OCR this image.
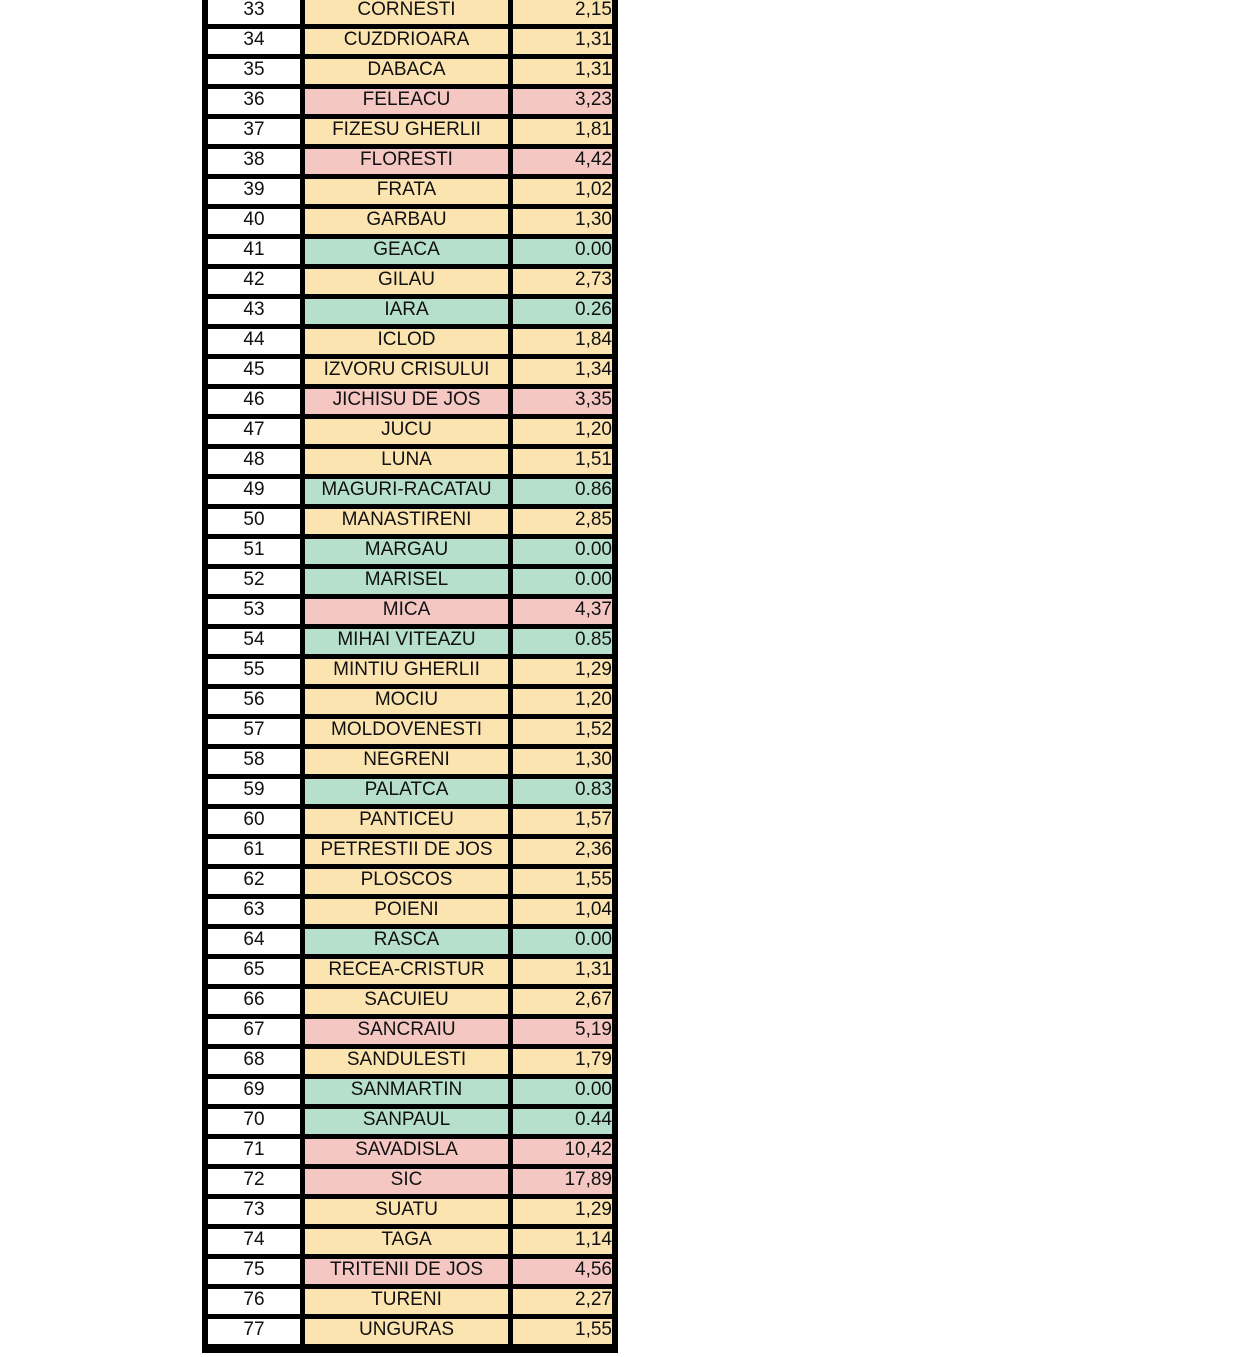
33	CORNESTI	2,15
34	CUZDRIOARA	1,31
35	DABACA	1,31
36	FELEACU	3,23
37	FIZESU GHERLII	1,81
38	FLORESTI	4,42
39	FRATA	1,02
40	GARBAU	1,30
41	GEACA	0.00
42	GILAU	2,73
43	IARA	0.26
44	ICLOD	1,84
45	IZVORU CRISULUI	1,34
46	JICHISU DE JOS	3,35
47	JUCU	1,20
48	LUNA	1,51
49	MAGURI-RACATAU	0.86
50	MANASTIRENI	2,85
51	MARGAU	0.00
52	MARISEL	0.00
53	MICA	4,37
54	MIHAI VITEAZU	0.85
55	MINTIU GHERLII	1,29
56	MOCIU	1,20
57	MOLDOVENESTI	1,52
58	NEGRENI	1,30
59	PALATCA	0.83
60	PANTICEU	1,57
61	PETRESTII DE JOS	2,36
62	PLOSCOS	1,55
63	POIENI	1,04
64	RASCA	0.00
65	RECEA-CRISTUR	1,31
66	SACUIEU	2,67
67	SANCRAIU	5,19
68	SANDULESTI	1,79
69	SANMARTIN	0.00
70	SANPAUL	0.44
71	SAVADISLA	10,42
72	SIC	17,89
73	SUATU	1,29
74	TAGA	1,14
75	TRITENII DE JOS	4,56
76	TURENI	2,27
77	UNGURAS	1,55
